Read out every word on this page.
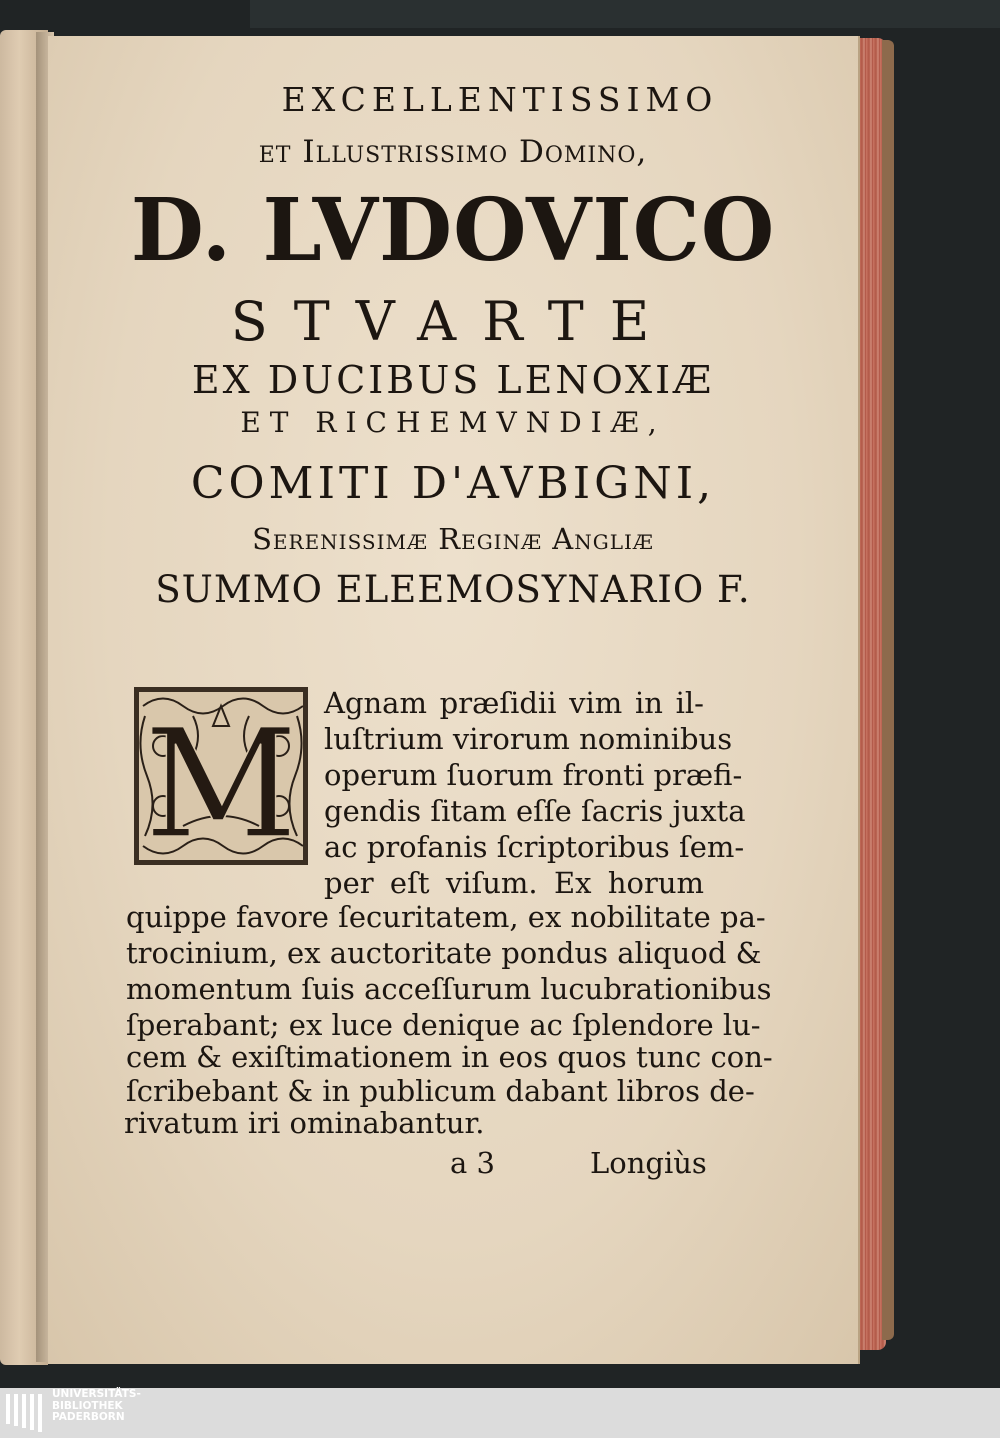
EXCELLENTISSIMO
et Illustrissimo Domino,
D. LVDOVICO
STVARTE
EX DUCIBUS LENOXIÆ
ET RICHEMVNDIÆ,
COMITI D'AVBIGNI,
Serenissimæ Reginæ Angliæ
SUMMO ELEEMOSYNARIO F.
M Agnam præſidii vim in il-
luſtrium virorum nominibus
operum ſuorum fronti præfi-
gendis ſitam eſſe ſacris juxta
ac profanis ſcriptoribus ſem-
per eſt viſum. Ex horum
quippe favore ſecuritatem, ex nobilitate pa-
trocinium, ex auctoritate pondus aliquod &
momentum ſuis acceſſurum lucubrationibus
ſperabant; ex luce denique ac ſplendore lu-
cem & exiſtimationem in eos quos tunc con-
ſcribebant & in publicum dabant libros de-
rivatum iri ominabantur.
a 3	Longiùs
UNIVERSITÄTS-
BIBLIOTHEK
PADERBORN
